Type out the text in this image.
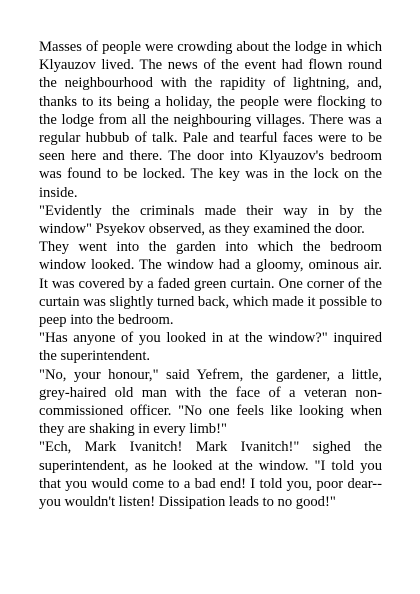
Masses of people were crowding about the lodge in which Klyauzov lived. The news of the event had flown round the neighbourhood with the rapidity of lightning, and, thanks to its being a holiday, the people were flocking to the lodge from all the neighbouring villages. There was a regular hubbub of talk. Pale and tearful faces were to be seen here and there. The door into Klyauzov's bedroom was found to be locked. The key was in the lock on the inside.

"Evidently the criminals made their way in by the window" Psyekov observed, as they examined the door.

They went into the garden into which the bedroom window looked. The window had a gloomy, ominous air. It was covered by a faded green curtain. One corner of the curtain was slightly turned back, which made it possible to peep into the bedroom.

"Has anyone of you looked in at the window?" inquired the superintendent.

"No, your honour," said Yefrem, the gardener, a little, grey-haired old man with the face of a veteran non-commissioned officer. "No one feels like looking when they are shaking in every limb!"

"Ech, Mark Ivanitch! Mark Ivanitch!" sighed the superintendent, as he looked at the window. "I told you that you would come to a bad end! I told you, poor dear--you wouldn't listen! Dissipation leads to no good!"
